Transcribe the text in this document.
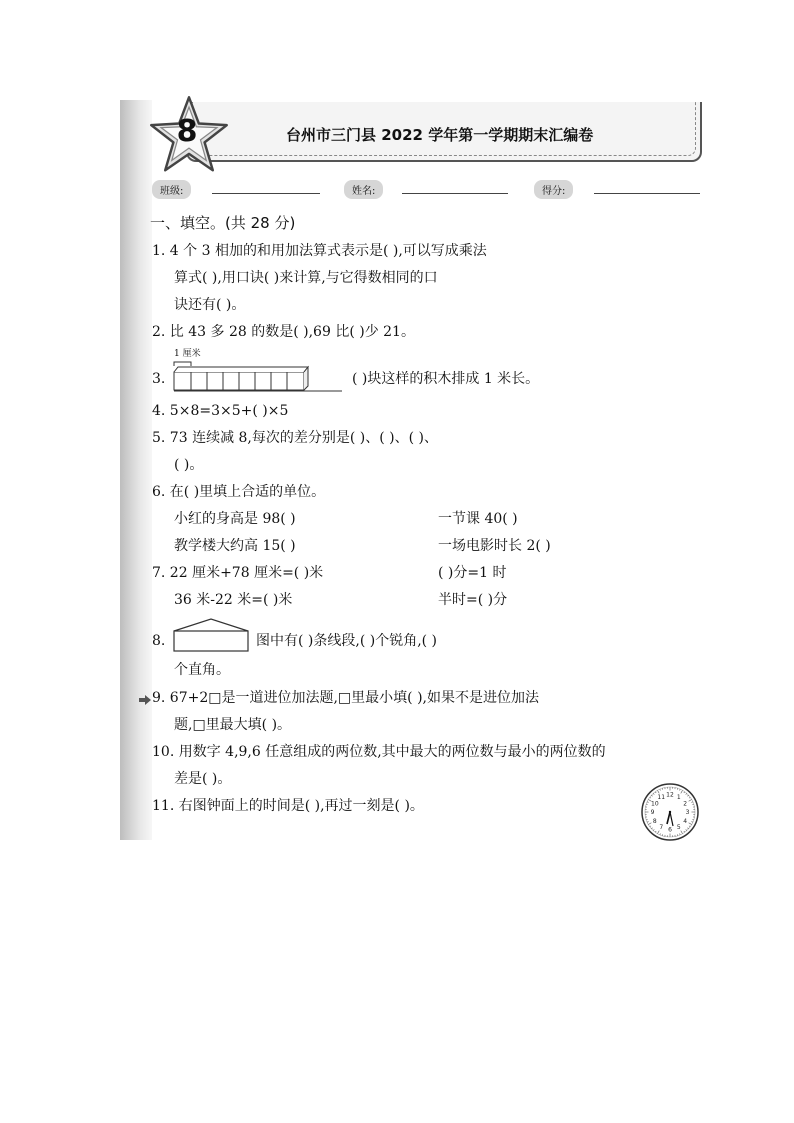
8	台州市三门县 2022 学年第一学期期末汇编卷
班级:	姓名:	得分:
一、填空。(共 28 分)
1. 4 个 3 相加的和用加法算式表示是( ),可以写成乘法
算式( ),用口诀( )来计算,与它得数相同的口
诀还有( )。
2. 比 43 多 28 的数是( ),69 比( )少 21。
1 厘米
3.	( )块这样的积木排成 1 米长。
4. 5×8=3×5+( )×5
5. 73 连续减 8,每次的差分别是( )、( )、( )、
( )。
6. 在( )里填上合适的单位。
小红的身高是 98( )	一节课 40( )
教学楼大约高 15( )	一场电影时长 2( )
7. 22 厘米+78 厘米=( )米	( )分=1 时
36 米-22 米=( )米	半时=( )分
8.	图中有( )条线段,( )个锐角,( )
个直角。
9. 67+2□是一道进位加法题,□里最小填( ),如果不是进位加法
题,□里最大填( )。
10. 用数字 4,9,6 任意组成的两位数,其中最大的两位数与最小的两位数的
差是( )。
11. 右图钟面上的时间是( ),再过一刻是( )。
12 1
2
3
4
5
6
7
8
9
10
11
